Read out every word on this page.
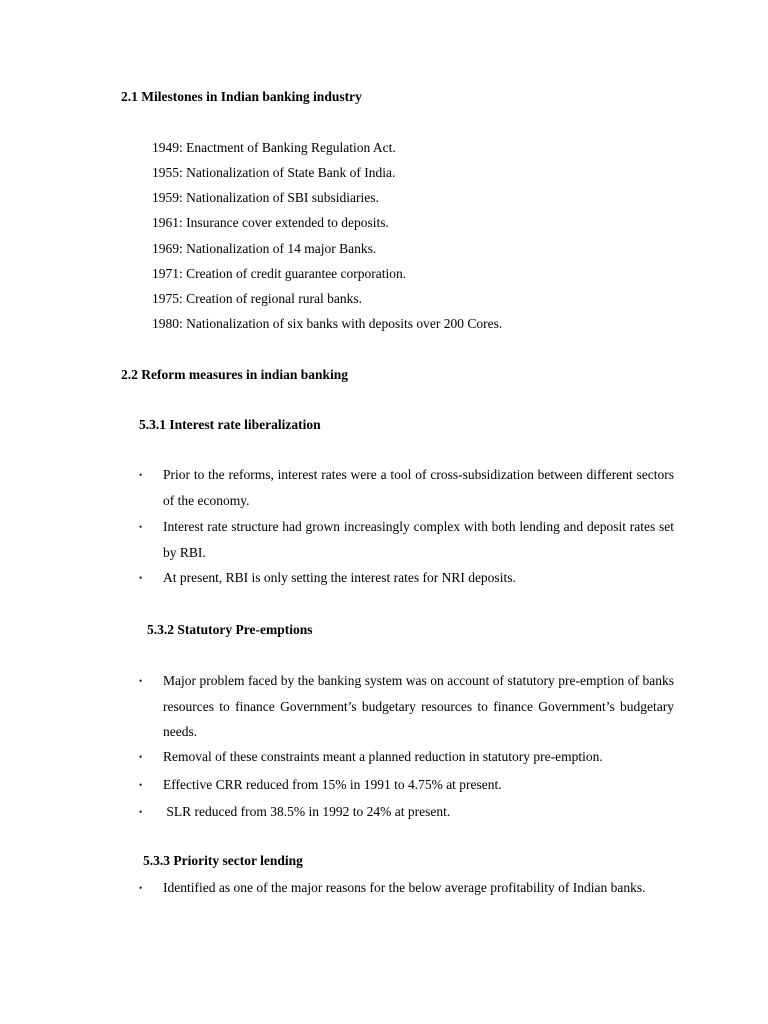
2.1 Milestones in Indian banking industry
1949: Enactment of Banking Regulation Act.
1955: Nationalization of State Bank of India.
1959: Nationalization of SBI subsidiaries.
1961: Insurance cover extended to deposits.
1969: Nationalization of 14 major Banks.
1971: Creation of credit guarantee corporation.
1975: Creation of regional rural banks.
1980: Nationalization of six banks with deposits over 200 Cores.
2.2 Reform measures in indian banking
5.3.1 Interest rate liberalization
• Prior to the reforms, interest rates were a tool of cross-subsidization between different sectors of the economy.
• Interest rate structure had grown increasingly complex with both lending and deposit rates set by RBI.
• At present, RBI is only setting the interest rates for NRI deposits.
5.3.2 Statutory Pre-emptions
• Major problem faced by the banking system was on account of statutory pre-emption of banks resources to finance Government’s budgetary resources to finance Government’s budgetary needs.
• Removal of these constraints meant a planned reduction in statutory pre-emption.
• Effective CRR reduced from 15% in 1991 to 4.75% at present.
• SLR reduced from 38.5% in 1992 to 24% at present.
5.3.3 Priority sector lending
• Identified as one of the major reasons for the below average profitability of Indian banks.
